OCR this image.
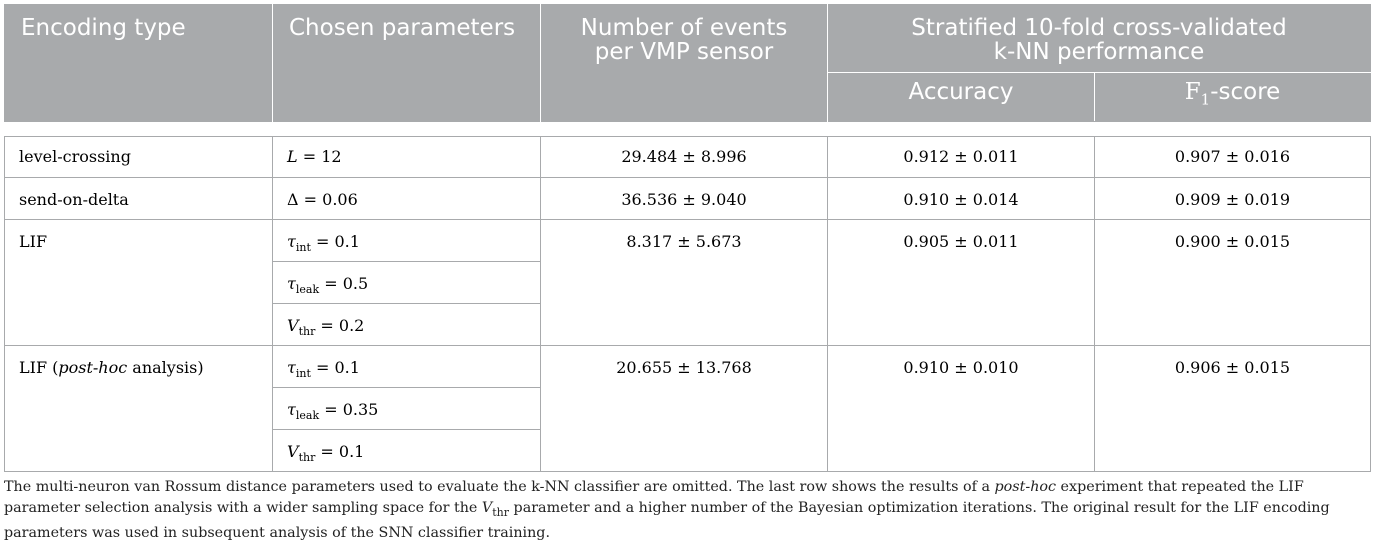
Encoding type	Chosen parameters	Number of events per VMP sensor	Stratified 10-fold cross-validated k-NN performance	
			Accuracy	$F_1$-score

level-crossing	L = 12	29.484 ± 8.996	0.912 ± 0.011	0.907 ± 0.016
send-on-delta	Δ = 0.06	36.536 ± 9.040	0.910 ± 0.014	0.909 ± 0.019
LIF	$\tau_{int} = 0.1$	8.317 ± 5.673	0.905 ± 0.011	0.900 ± 0.015
	$\tau_{leak} = 0.5$			
	$V_{thr} = 0.2$			
LIF (post-hoc analysis)	$\tau_{int} = 0.1$	20.655 ± 13.768	0.910 ± 0.010	0.906 ± 0.015
	$\tau_{leak} = 0.35$			
	$V_{thr} = 0.1$			
The multi-neuron van Rossum distance parameters used to evaluate the k-NN classifier are omitted. The last row shows the results of a post-hoc experiment that repeated the LIF parameter selection analysis with a wider sampling space for the $V_{thr}$ parameter and a higher number of the Bayesian optimization iterations. The original result for the LIF encoding parameters was used in subsequent analysis of the SNN classifier training.
